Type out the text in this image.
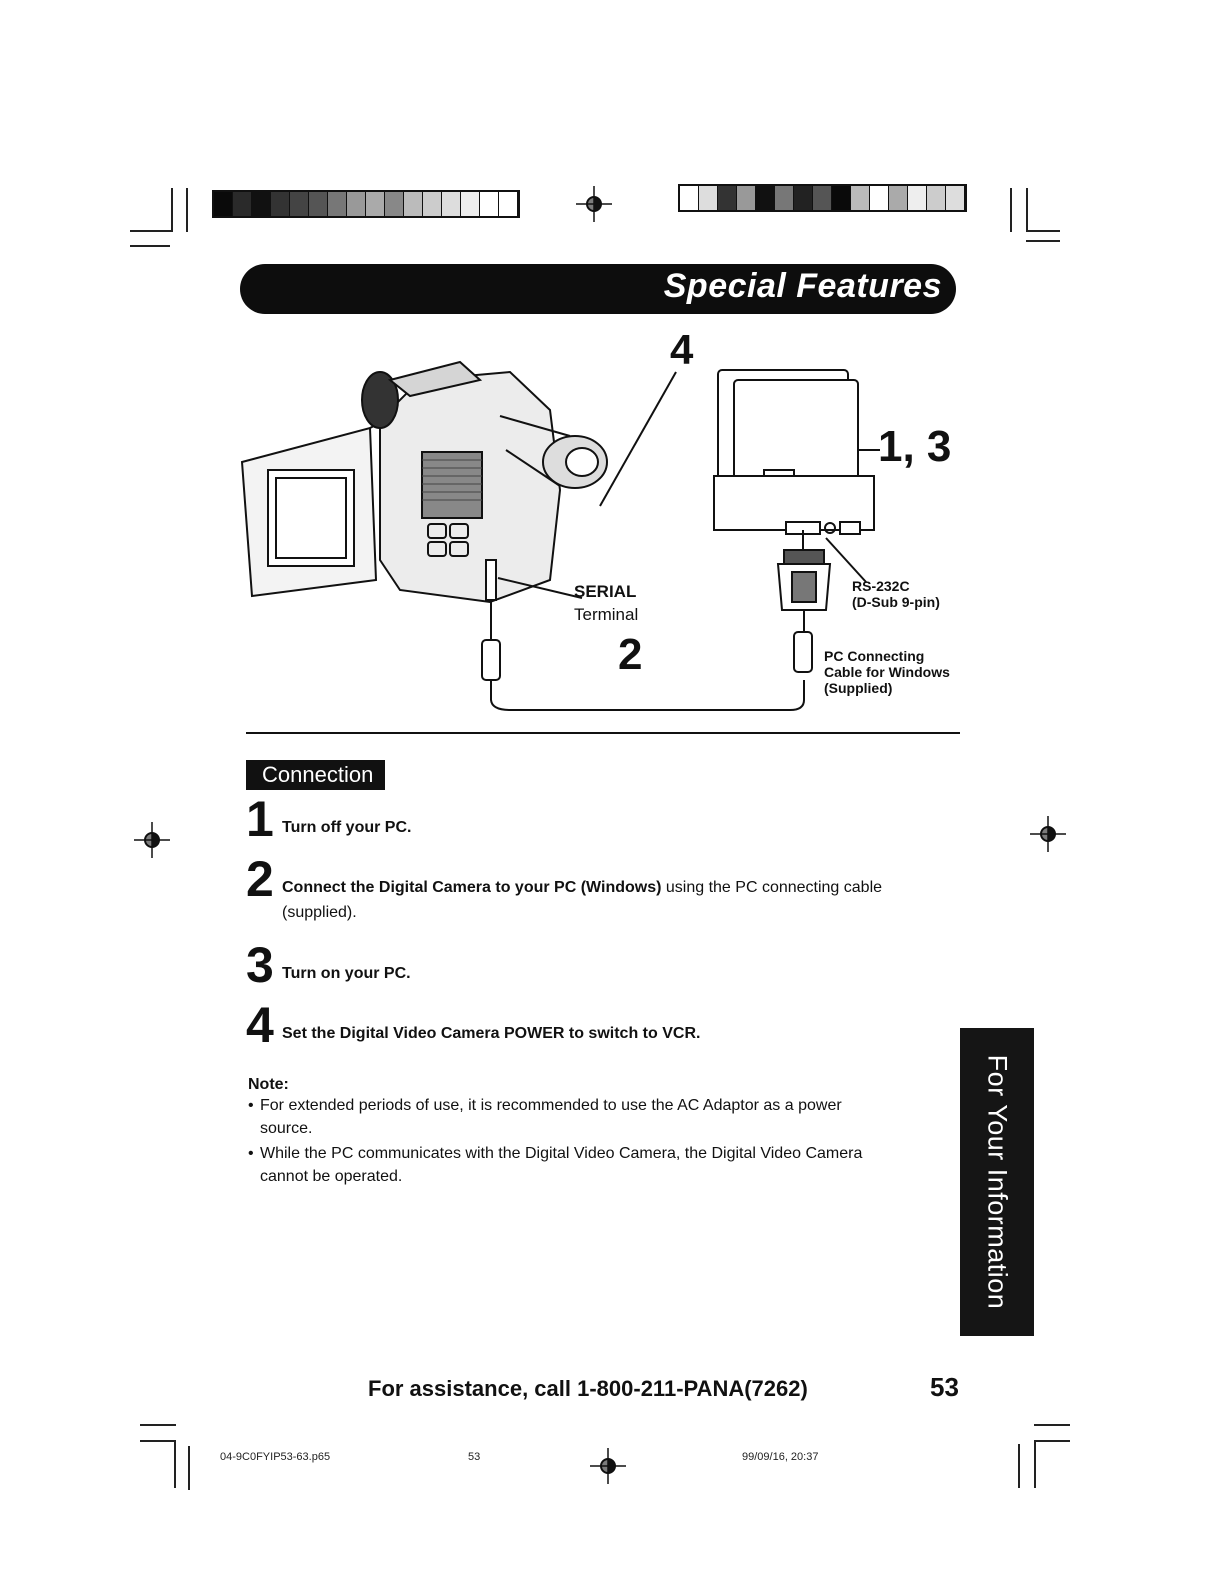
Special Features
4
1, 3
2
SERIAL
Terminal
RS-232C
(D-Sub 9-pin)
PC Connecting
Cable for Windows
(Supplied)
Connection
1 Turn off your PC.
2 Connect the Digital Camera to your PC (Windows) using the PC connecting cable
(supplied).
3 Turn on your PC.
4 Set the Digital Video Camera POWER to switch to VCR.
Note:
• For extended periods of use, it is recommended to use the AC Adaptor as a power
source.
• While the PC communicates with the Digital Video Camera, the Digital Video Camera
cannot be operated.	For Your Information
For assistance, call 1-800-211-PANA(7262)	53
04-9C0FYIP53-63.p65	53	99/09/16, 20:37
